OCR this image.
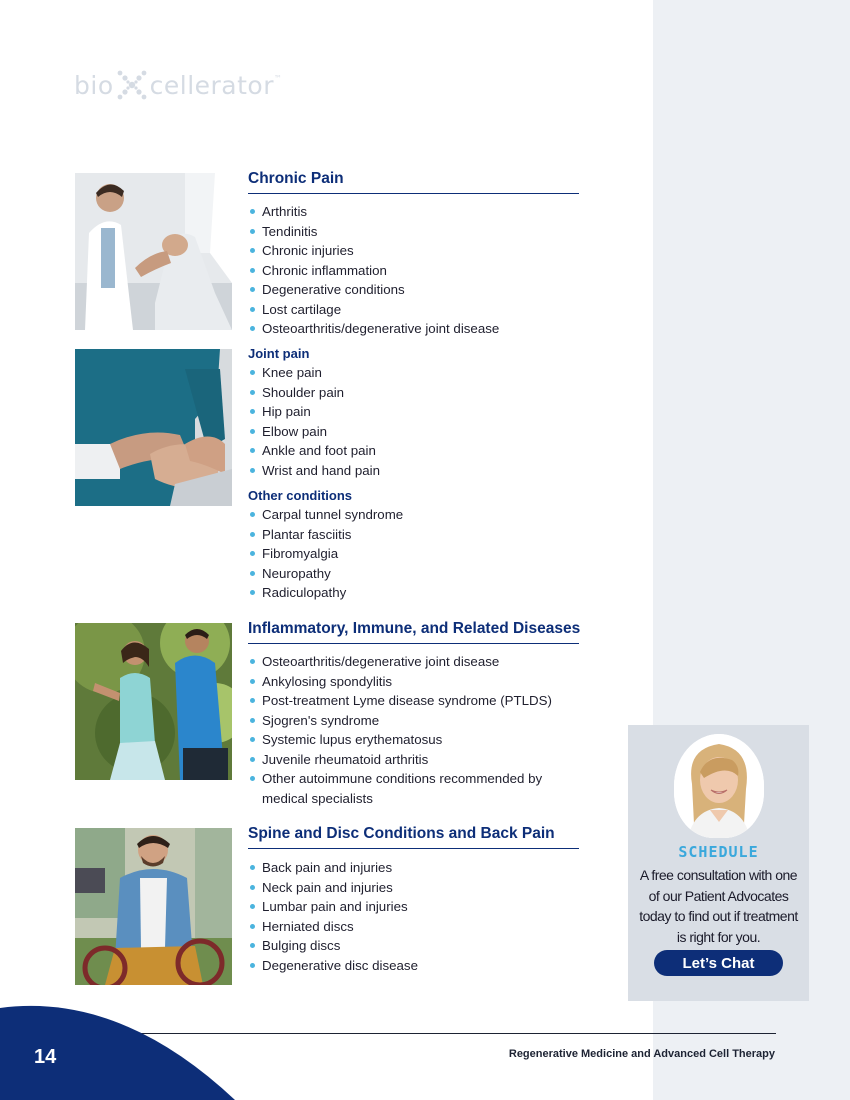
bio cellerator ™
Chronic Pain
Arthritis
Tendinitis
Chronic injuries
Chronic inflammation
Degenerative conditions
Lost cartilage
Osteoarthritis/degenerative joint disease
Joint pain
Knee pain
Shoulder pain
Hip pain
Elbow pain
Ankle and foot pain
Wrist and hand pain
Other conditions
Carpal tunnel syndrome
Plantar fasciitis
Fibromyalgia
Neuropathy
Radiculopathy
Inflammatory, Immune, and Related Diseases
Osteoarthritis/degenerative joint disease
Ankylosing spondylitis
Post-treatment Lyme disease syndrome (PTLDS)
Sjogren's syndrome
Systemic lupus erythematosus
Juvenile rheumatoid arthritis
Other autoimmune conditions recommended by medical specialists
Spine and Disc Conditions and Back Pain
Back pain and injuries
Neck pain and injuries
Lumbar pain and injuries
Herniated discs
Bulging discs
Degenerative disc disease
SCHEDULE
A free consultation with one of our Patient Advocates today to find out if treatment is right for you.
Let’s Chat
14	Regenerative Medicine and Advanced Cell Therapy
